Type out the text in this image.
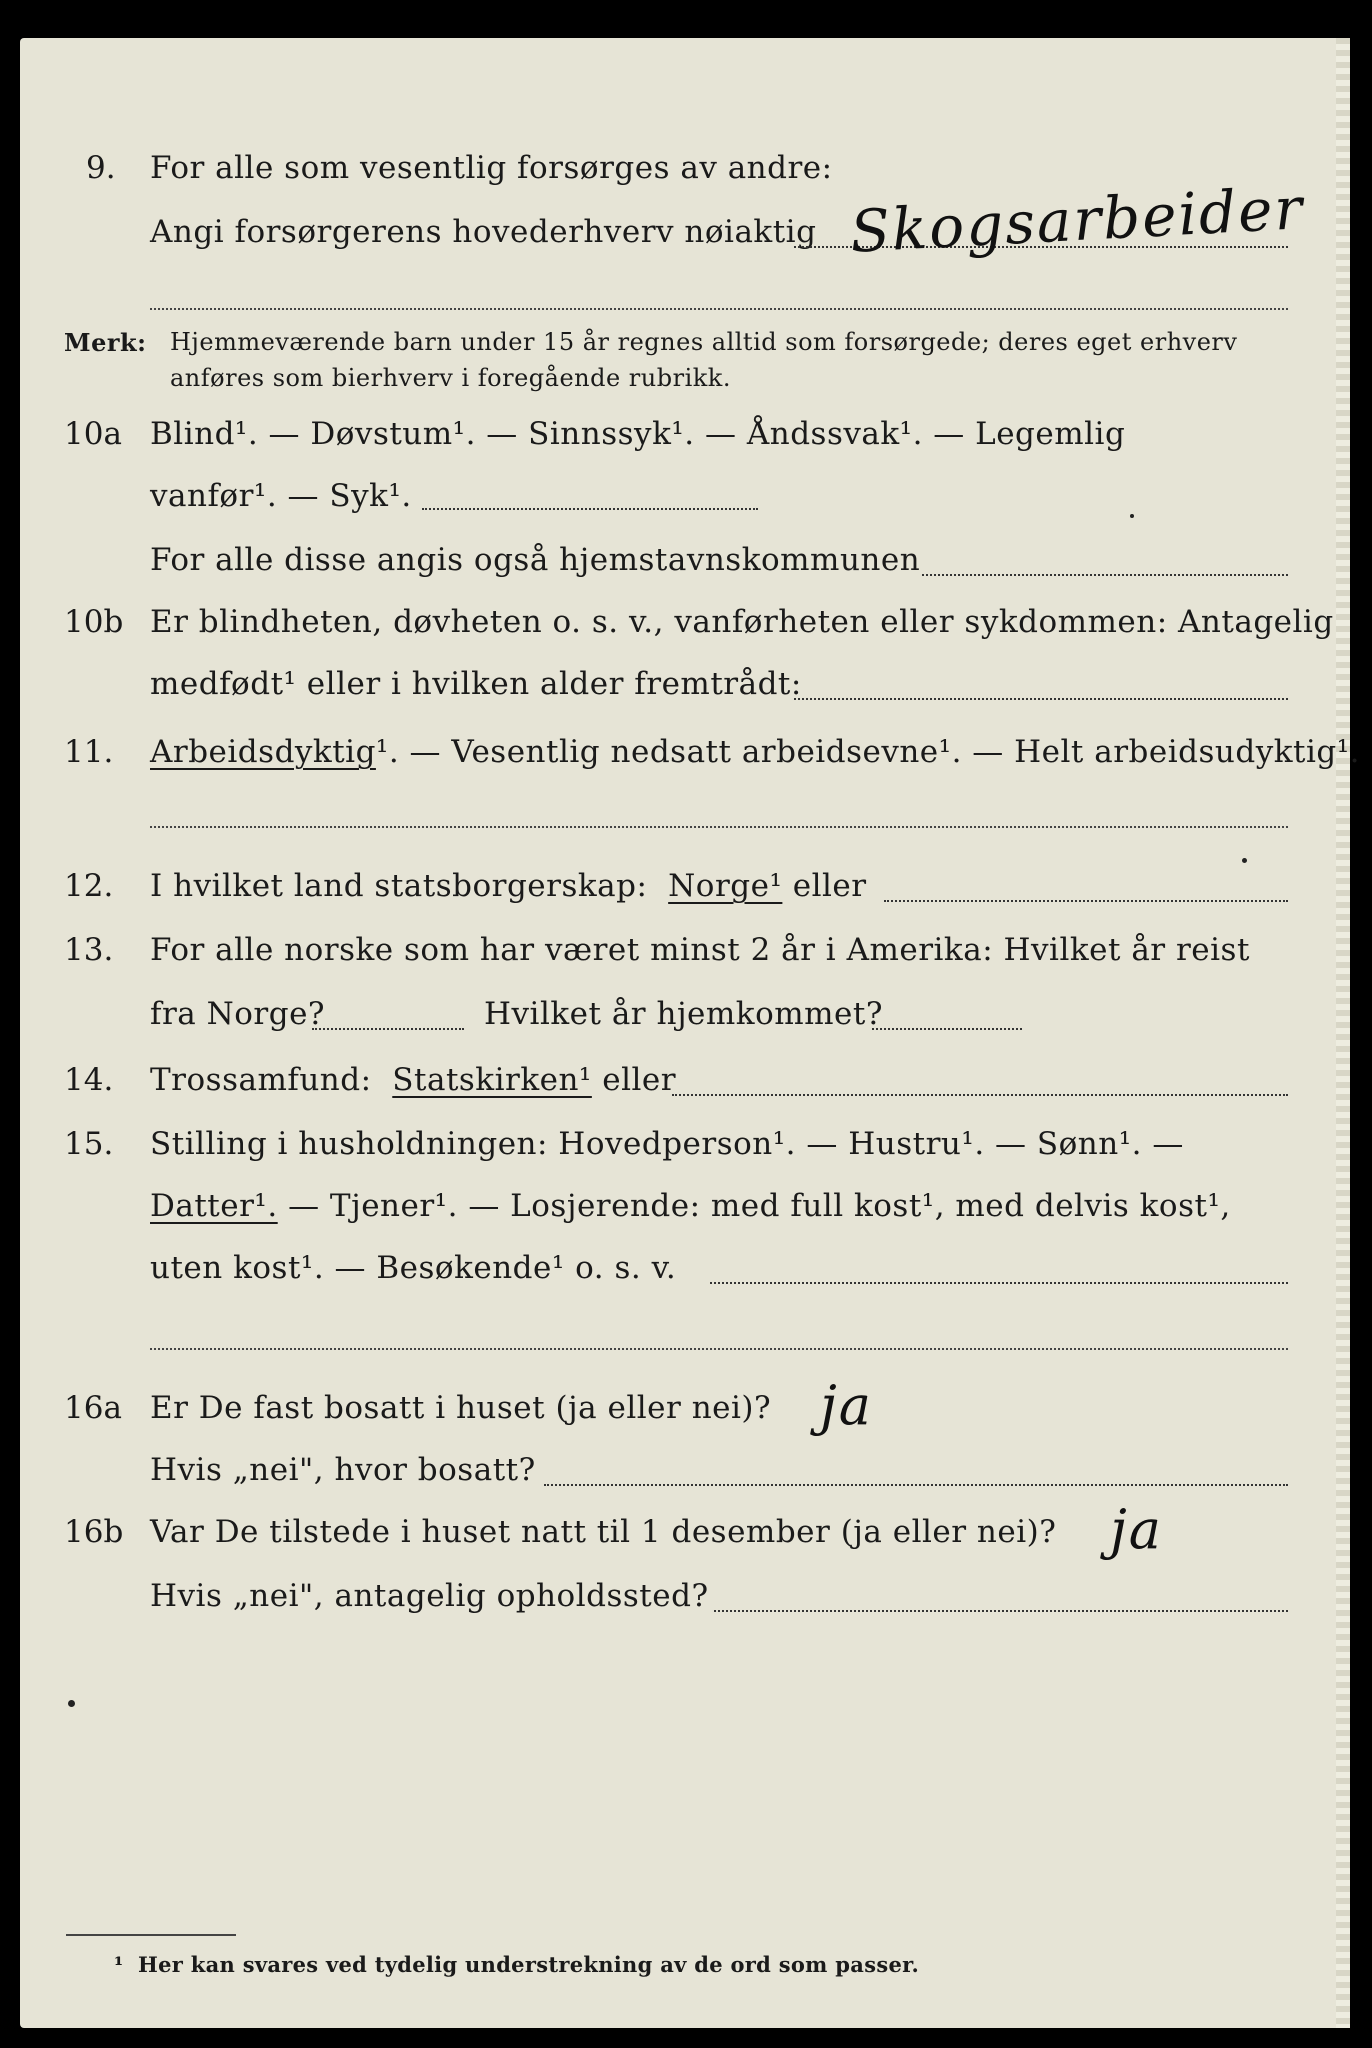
9. For alle som vesentlig forsørges av andre:
Angi forsørgerens hovederhverv nøiaktig Skogsarbeider
Merk: Hjemmeværende barn under 15 år regnes alltid som forsørgede; deres eget erhverv
anføres som bierhverv i foregående rubrikk.
10a Blind¹. — Døvstum¹. — Sinnssyk¹. — Åndssvak¹. — Legemlig
vanfør¹. — Syk¹.
For alle disse angis også hjemstavnskommunen
10b Er blindheten, døvheten o. s. v., vanførheten eller sykdommen: Antagelig
medfødt¹ eller i hvilken alder fremtrådt:
11. Arbeidsdyktig¹. — Vesentlig nedsatt arbeidsevne¹. — Helt arbeidsudyktig¹.
12. I hvilket land statsborgerskap: Norge¹ eller
13. For alle norske som har været minst 2 år i Amerika: Hvilket år reist
fra Norge?	Hvilket år hjemkommet?
14. Trossamfund: Statskirken¹ eller
15. Stilling i husholdningen: Hovedperson¹. — Hustru¹. — Sønn¹. —
Datter¹. — Tjener¹. — Losjerende: med full kost¹, med delvis kost¹,
uten kost¹. — Besøkende¹ o. s. v.
16a Er De fast bosatt i huset (ja eller nei)? ja
Hvis „nei", hvor bosatt?
16b Var De tilstede i huset natt til 1 desember (ja eller nei)? ja
Hvis „nei", antagelig opholdssted?
¹ Her kan svares ved tydelig understrekning av de ord som passer.
